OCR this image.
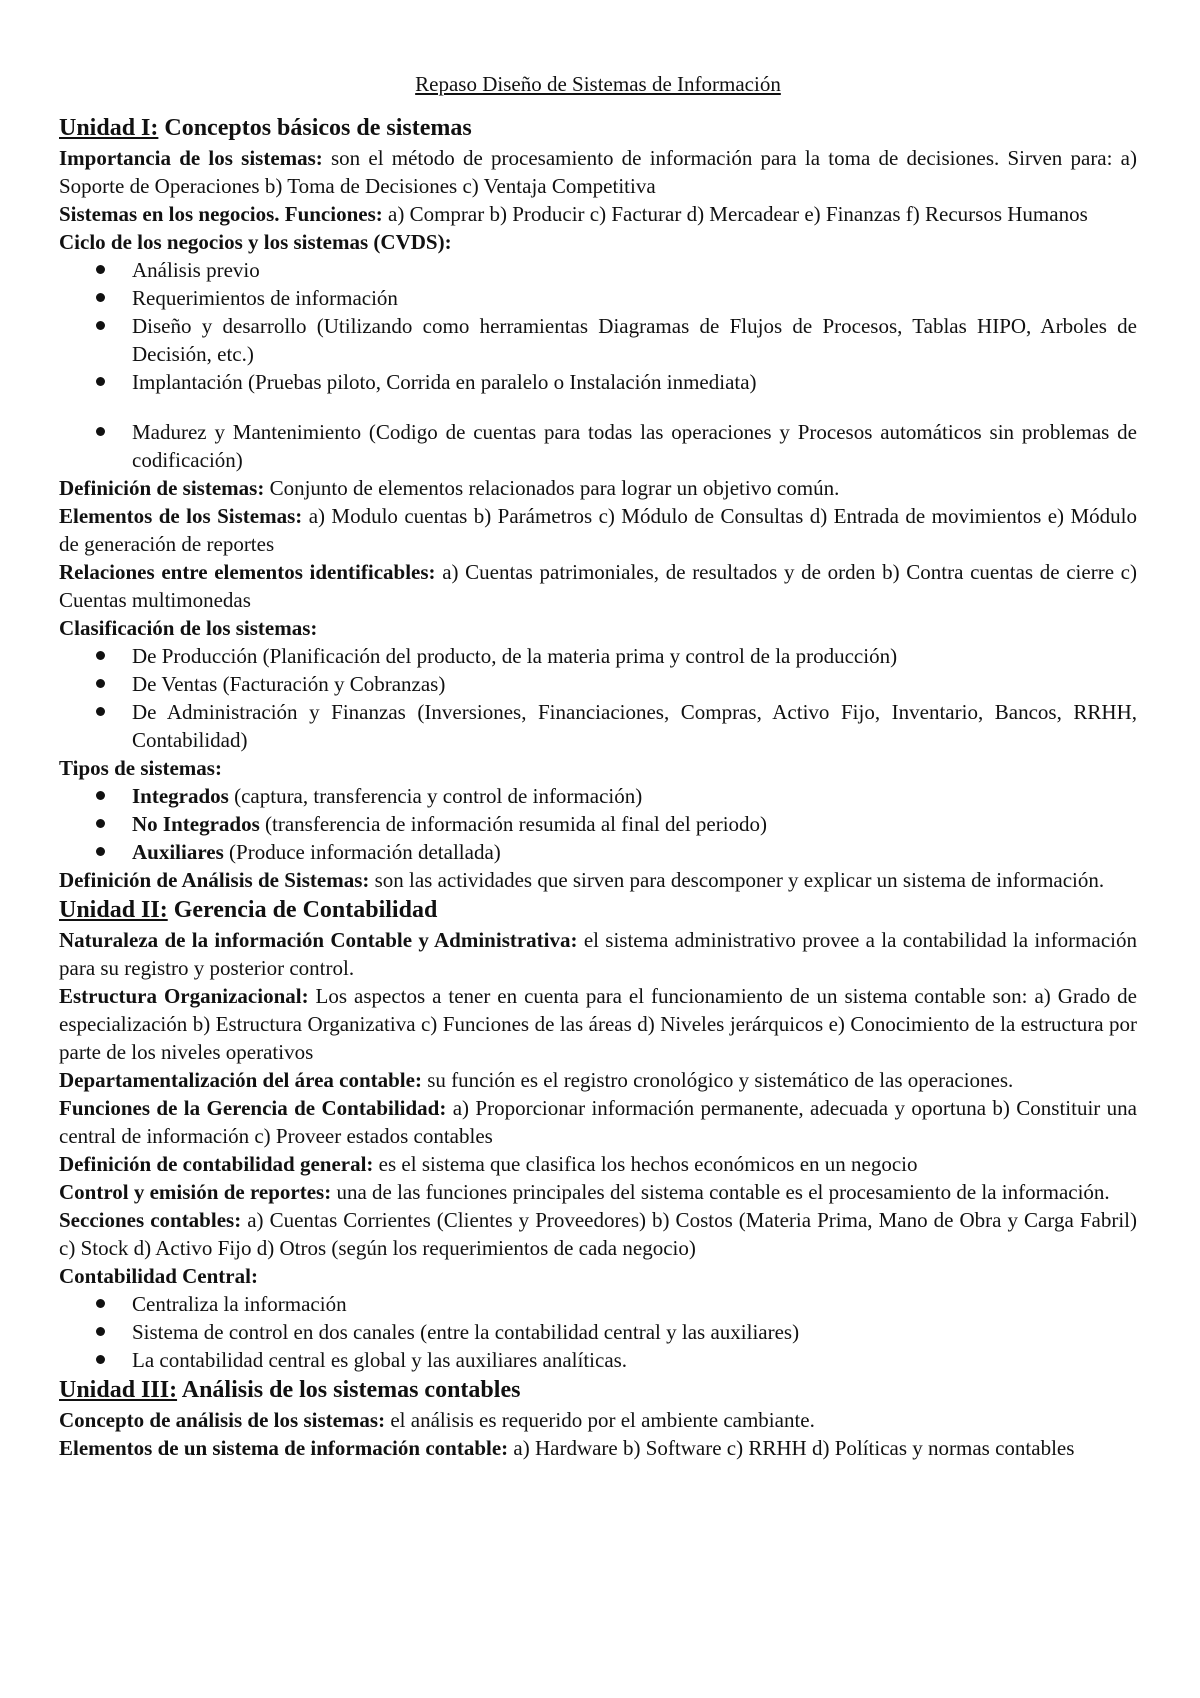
Repaso Diseño de Sistemas de Información
Unidad I: Conceptos básicos de sistemas

Importancia de los sistemas: son el método de procesamiento de información para la toma de decisiones. Sirven para: a) Soporte de Operaciones b) Toma de Decisiones c) Ventaja Competitiva

Sistemas en los negocios. Funciones: a) Comprar b) Producir c) Facturar d) Mercadear e) Finanzas f) Recursos Humanos

Ciclo de los negocios y los sistemas (CVDS):

Análisis previo
Requerimientos de información
Diseño y desarrollo (Utilizando como herramientas Diagramas de Flujos de Procesos, Tablas HIPO, Arboles de Decisión, etc.)
Implantación (Pruebas piloto, Corrida en paralelo o Instalación inmediata)
Madurez y Mantenimiento (Codigo de cuentas para todas las operaciones y Procesos automáticos sin problemas de codificación)

Definición de sistemas: Conjunto de elementos relacionados para lograr un objetivo común.

Elementos de los Sistemas: a) Modulo cuentas b) Parámetros c) Módulo de Consultas d) Entrada de movimientos e) Módulo de generación de reportes

Relaciones entre elementos identificables: a) Cuentas patrimoniales, de resultados y de orden b) Contra cuentas de cierre c) Cuentas multimonedas

Clasificación de los sistemas:

De Producción (Planificación del producto, de la materia prima y control de la producción)
De Ventas (Facturación y Cobranzas)
De Administración y Finanzas (Inversiones, Financiaciones, Compras, Activo Fijo, Inventario, Bancos, RRHH, Contabilidad)

Tipos de sistemas:

Integrados (captura, transferencia y control de información)
No Integrados (transferencia de información resumida al final del periodo)
Auxiliares (Produce información detallada)

Definición de Análisis de Sistemas: son las actividades que sirven para descomponer y explicar un sistema de información.

Unidad II: Gerencia de Contabilidad

Naturaleza de la información Contable y Administrativa: el sistema administrativo provee a la contabilidad la información para su registro y posterior control.

Estructura Organizacional: Los aspectos a tener en cuenta para el funcionamiento de un sistema contable son: a) Grado de especialización b) Estructura Organizativa c) Funciones de las áreas d) Niveles jerárquicos e) Conocimiento de la estructura por parte de los niveles operativos

Departamentalización del área contable: su función es el registro cronológico y sistemático de las operaciones.

Funciones de la Gerencia de Contabilidad: a) Proporcionar información permanente, adecuada y oportuna b) Constituir una central de información c) Proveer estados contables

Definición de contabilidad general: es el sistema que clasifica los hechos económicos en un negocio

Control y emisión de reportes: una de las funciones principales del sistema contable es el procesamiento de la información.

Secciones contables: a) Cuentas Corrientes (Clientes y Proveedores) b) Costos (Materia Prima, Mano de Obra y Carga Fabril) c) Stock d) Activo Fijo d) Otros (según los requerimientos de cada negocio)

Contabilidad Central:

Centraliza la información
Sistema de control en dos canales (entre la contabilidad central y las auxiliares)
La contabilidad central es global y las auxiliares analíticas.
Unidad III: Análisis de los sistemas contables

Concepto de análisis de los sistemas: el análisis es requerido por el ambiente cambiante.

Elementos de un sistema de información contable: a) Hardware b) Software c) RRHH d) Políticas y normas contables
